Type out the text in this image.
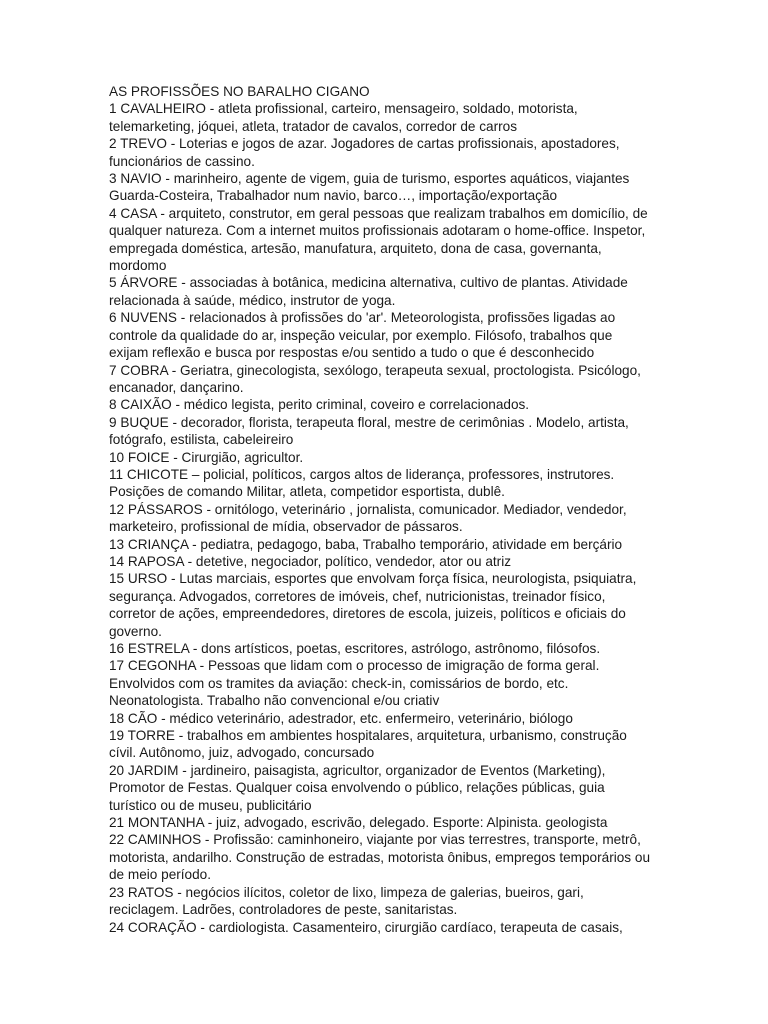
AS PROFISSÕES NO BARALHO CIGANO
1 CAVALHEIRO - atleta profissional, carteiro, mensageiro, soldado, motorista,
telemarketing, jóquei, atleta, tratador de cavalos, corredor de carros
2 TREVO - Loterias e jogos de azar. Jogadores de cartas profissionais, apostadores,
funcionários de cassino.
3 NAVIO - marinheiro, agente de vigem, guia de turismo, esportes aquáticos, viajantes
Guarda-Costeira, Trabalhador num navio, barco…, importação/exportação
4 CASA - arquiteto, construtor, em geral pessoas que realizam trabalhos em domicílio, de
qualquer natureza. Com a internet muitos profissionais adotaram o home-office. Inspetor,
empregada doméstica, artesão, manufatura, arquiteto, dona de casa, governanta,
mordomo
5 ÁRVORE - associadas à botânica, medicina alternativa, cultivo de plantas. Atividade
relacionada à saúde, médico, instrutor de yoga.
6 NUVENS - relacionados à profissões do 'ar'. Meteorologista, profissões ligadas ao
controle da qualidade do ar, inspeção veicular, por exemplo. Filósofo, trabalhos que
exijam reflexão e busca por respostas e/ou sentido a tudo o que é desconhecido
7 COBRA - Geriatra, ginecologista, sexólogo, terapeuta sexual, proctologista. Psicólogo,
encanador, dançarino.
8 CAIXÃO - médico legista, perito criminal, coveiro e correlacionados.
9 BUQUE - decorador, florista, terapeuta floral, mestre de cerimônias . Modelo, artista,
fotógrafo, estilista, cabeleireiro
10 FOICE - Cirurgião, agricultor.
11 CHICOTE – policial, políticos, cargos altos de liderança, professores, instrutores.
Posições de comando Militar, atleta, competidor esportista, dublê.
12 PÁSSAROS - ornitólogo, veterinário , jornalista, comunicador. Mediador, vendedor,
marketeiro, profissional de mídia, observador de pássaros.
13 CRIANÇA - pediatra, pedagogo, baba, Trabalho temporário, atividade em berçário
14 RAPOSA - detetive, negociador, político, vendedor, ator ou atriz
15 URSO - Lutas marciais, esportes que envolvam força física, neurologista, psiquiatra,
segurança. Advogados, corretores de imóveis, chef, nutricionistas, treinador físico,
corretor de ações, empreendedores, diretores de escola, juizeis, políticos e oficiais do
governo.
16 ESTRELA - dons artísticos, poetas, escritores, astrólogo, astrônomo, filósofos.
17 CEGONHA - Pessoas que lidam com o processo de imigração de forma geral.
Envolvidos com os tramites da aviação: check-in, comissários de bordo, etc.
Neonatologista. Trabalho não convencional e/ou criativ
18 CÃO - médico veterinário, adestrador, etc. enfermeiro, veterinário, biólogo
19 TORRE - trabalhos em ambientes hospitalares, arquitetura, urbanismo, construção
cívil. Autônomo, juiz, advogado, concursado
20 JARDIM - jardineiro, paisagista, agricultor, organizador de Eventos (Marketing),
Promotor de Festas. Qualquer coisa envolvendo o público, relações públicas, guia
turístico ou de museu, publicitário
21 MONTANHA - juiz, advogado, escrivão, delegado. Esporte: Alpinista. geologista
22 CAMINHOS - Profissão: caminhoneiro, viajante por vias terrestres, transporte, metrô,
motorista, andarilho. Construção de estradas, motorista ônibus, empregos temporários ou
de meio período.
23 RATOS - negócios ilícitos, coletor de lixo, limpeza de galerias, bueiros, gari,
reciclagem. Ladrões, controladores de peste, sanitaristas.
24 CORAÇÃO - cardiologista. Casamenteiro, cirurgião cardíaco, terapeuta de casais,
